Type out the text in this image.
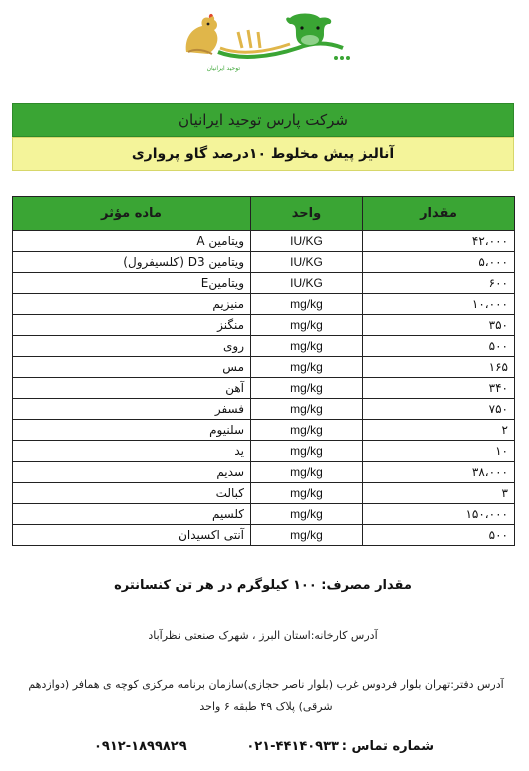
توحید ایرانیان
شرکت پارس توحید ایرانیان
آنالیز پیش مخلوط ۱۰درصد گاو پرواری
مقدار	واحد	ماده مؤثر
۴۲،۰۰۰	IU/KG	ویتامین A
۵،۰۰۰	IU/KG	ویتامین D3 (کلسیفرول)
۶۰۰	IU/KG	ویتامینE
۱۰،۰۰۰	mg/kg	منیزیم
۳۵۰	mg/kg	منگنز
۵۰۰	mg/kg	روی
۱۶۵	mg/kg	مس
۳۴۰	mg/kg	آهن
۷۵۰	mg/kg	فسفر
۲	mg/kg	سلنیوم
۱۰	mg/kg	ید
۳۸،۰۰۰	mg/kg	سدیم
۳	mg/kg	کبالت
۱۵۰،۰۰۰	mg/kg	کلسیم
۵۰۰	mg/kg	آنتی اکسیدان
مقدار مصرف: ۱۰۰ کیلوگرم در هر تن کنسانتره
آدرس کارخانه:استان البرز ، شهرک صنعتی نظرآباد
آدرس دفتر:تهران بلوار فردوس غرب (بلوار ناصر حجازی)سازمان برنامه مرکزی کوچه ی همافر (دوازدهم شرقی) پلاک ۴۹ طبقه ۶ واحد
شماره تماس :
۰۲۱-۴۴۱۴۰۹۳۳
۰۹۱۲-۱۸۹۹۸۲۹
